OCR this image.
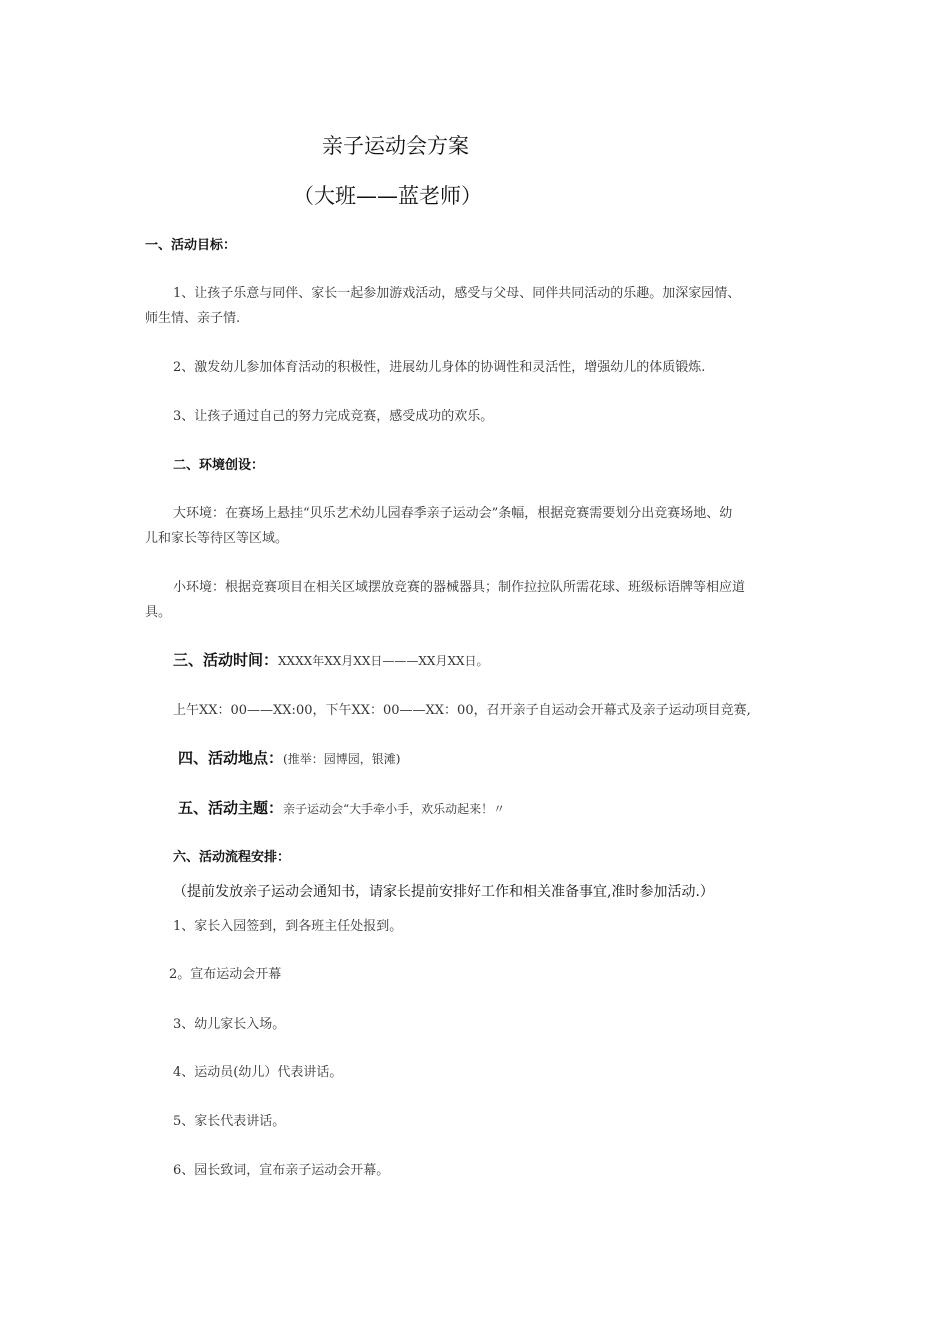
亲子运动会方案
（大班——蓝老师）
一、活动目标：
1、让孩子乐意与同伴、家长一起参加游戏活动，感受与父母、同伴共同活动的乐趣。加深家园情、
师生情、亲子情.
2、激发幼儿参加体育活动的积极性，进展幼儿身体的协调性和灵活性，增强幼儿的体质锻炼.
3、让孩子通过自己的努力完成竞赛，感受成功的欢乐。
二、环境创设：
大环境：在赛场上悬挂“贝乐艺术幼儿园春季亲子运动会”条幅，根据竞赛需要划分出竞赛场地、幼
儿和家长等待区等区域。
小环境：根据竞赛项目在相关区域摆放竞赛的器械器具；制作拉拉队所需花球、班级标语牌等相应道
具。
三、活动时间：XXXX年XX月XX日———XX月XX日。
上午XX：00——XX:00，下午XX：00——XX：00，召开亲子自运动会开幕式及亲子运动项目竞赛,
四、活动地点：(推举：园博园，银滩)
五、活动主题：亲子运动会“大手牵小手，欢乐动起来！〃
六、活动流程安排：
（提前发放亲子运动会通知书，请家长提前安排好工作和相关准备事宜,准时参加活动.）
1、家长入园签到，到各班主任处报到。
2。宣布运动会开幕
3、幼儿家长入场。
4、运动员(幼儿）代表讲话。
5、家长代表讲话。
6、园长致词，宣布亲子运动会开幕。
